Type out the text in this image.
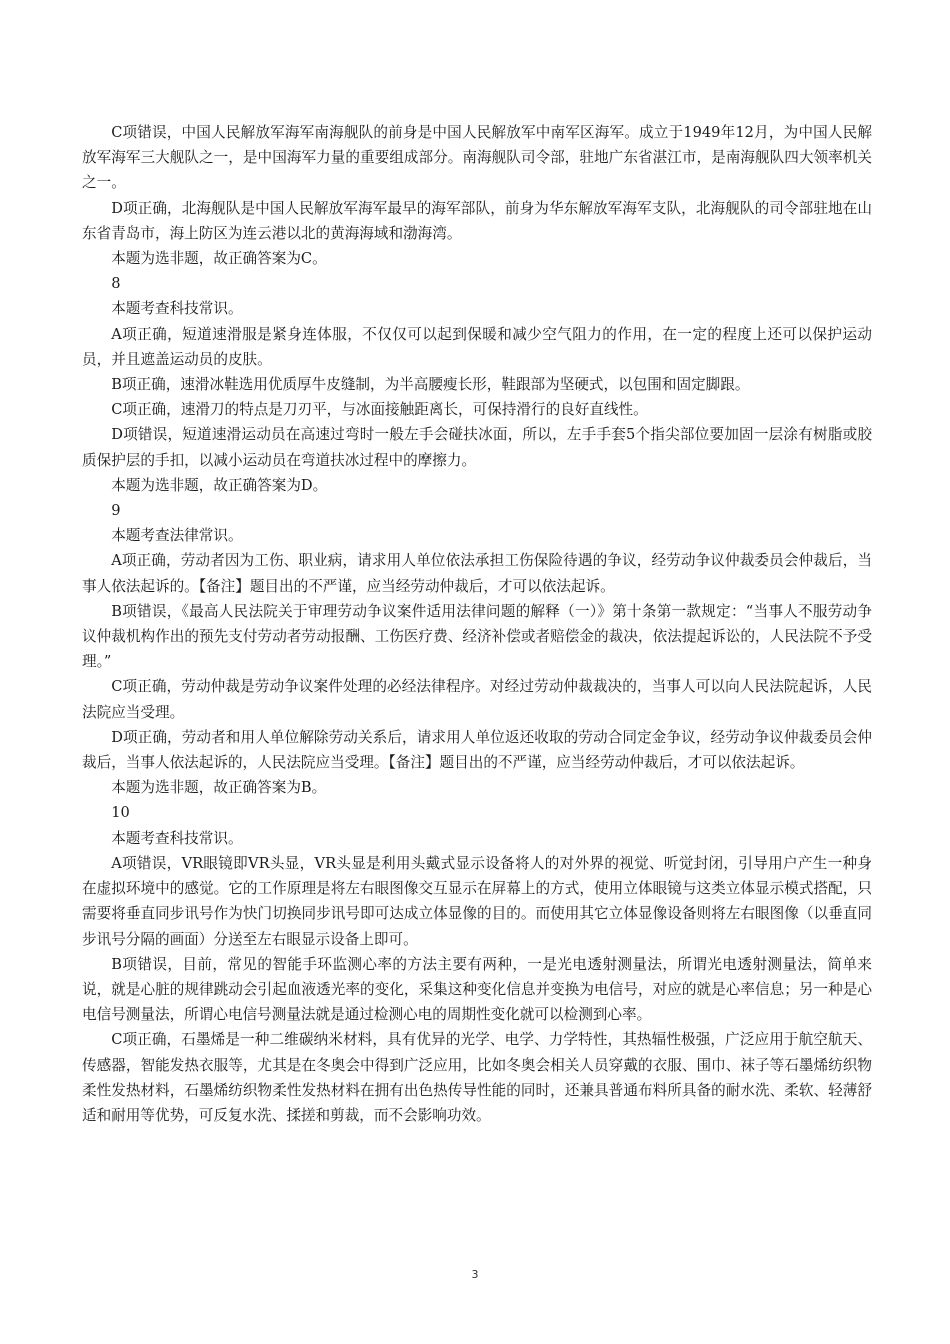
C项错误，中国人民解放军海军南海舰队的前身是中国人民解放军中南军区海军。成立于1949年12月，为中国人民解放军海军三大舰队之一，是中国海军力量的重要组成部分。南海舰队司令部，驻地广东省湛江市，是南海舰队四大领率机关之一。

D项正确，北海舰队是中国人民解放军海军最早的海军部队，前身为华东解放军海军支队，北海舰队的司令部驻地在山东省青岛市，海上防区为连云港以北的黄海海域和渤海湾。

本题为选非题，故正确答案为C。

8

本题考查科技常识。

A项正确，短道速滑服是紧身连体服，不仅仅可以起到保暖和减少空气阻力的作用，在一定的程度上还可以保护运动员，并且遮盖运动员的皮肤。

B项正确，速滑冰鞋选用优质厚牛皮缝制，为半高腰瘦长形，鞋跟部为坚硬式，以包围和固定脚跟。

C项正确，速滑刀的特点是刀刃平，与冰面接触距离长，可保持滑行的良好直线性。

D项错误，短道速滑运动员在高速过弯时一般左手会碰扶冰面，所以，左手手套5个指尖部位要加固一层涂有树脂或胶质保护层的手扣，以减小运动员在弯道扶冰过程中的摩擦力。

本题为选非题，故正确答案为D。

9

本题考查法律常识。

A项正确，劳动者因为工伤、职业病，请求用人单位依法承担工伤保险待遇的争议，经劳动争议仲裁委员会仲裁后，当事人依法起诉的。【备注】题目出的不严谨，应当经劳动仲裁后，才可以依法起诉。

B项错误，《最高人民法院关于审理劳动争议案件适用法律问题的解释（一）》第十条第一款规定：“当事人不服劳动争议仲裁机构作出的预先支付劳动者劳动报酬、工伤医疗费、经济补偿或者赔偿金的裁决，依法提起诉讼的，人民法院不予受理。”

C项正确，劳动仲裁是劳动争议案件处理的必经法律程序。对经过劳动仲裁裁决的，当事人可以向人民法院起诉，人民法院应当受理。

D项正确，劳动者和用人单位解除劳动关系后，请求用人单位返还收取的劳动合同定金争议，经劳动争议仲裁委员会仲裁后，当事人依法起诉的，人民法院应当受理。【备注】题目出的不严谨，应当经劳动仲裁后，才可以依法起诉。

本题为选非题，故正确答案为B。

10

本题考查科技常识。

A项错误，VR眼镜即VR头显，VR头显是利用头戴式显示设备将人的对外界的视觉、听觉封闭，引导用户产生一种身在虚拟环境中的感觉。它的工作原理是将左右眼图像交互显示在屏幕上的方式，使用立体眼镜与这类立体显示模式搭配，只需要将垂直同步讯号作为快门切换同步讯号即可达成立体显像的目的。而使用其它立体显像设备则将左右眼图像（以垂直同步讯号分隔的画面）分送至左右眼显示设备上即可。

B项错误，目前，常见的智能手环监测心率的方法主要有两种，一是光电透射测量法，所谓光电透射测量法，简单来说，就是心脏的规律跳动会引起血液透光率的变化，采集这种变化信息并变换为电信号，对应的就是心率信息；另一种是心电信号测量法，所谓心电信号测量法就是通过检测心电的周期性变化就可以检测到心率。

C项正确，石墨烯是一种二维碳纳米材料，具有优异的光学、电学、力学特性，其热辐性极强，广泛应用于航空航天、传感器，智能发热衣服等，尤其是在冬奥会中得到广泛应用，比如冬奥会相关人员穿戴的衣服、围巾、袜子等石墨烯纺织物柔性发热材料，石墨烯纺织物柔性发热材料在拥有出色热传导性能的同时，还兼具普通布料所具备的耐水洗、柔软、轻薄舒适和耐用等优势，可反复水洗、揉搓和剪裁，而不会影响功效。

3
